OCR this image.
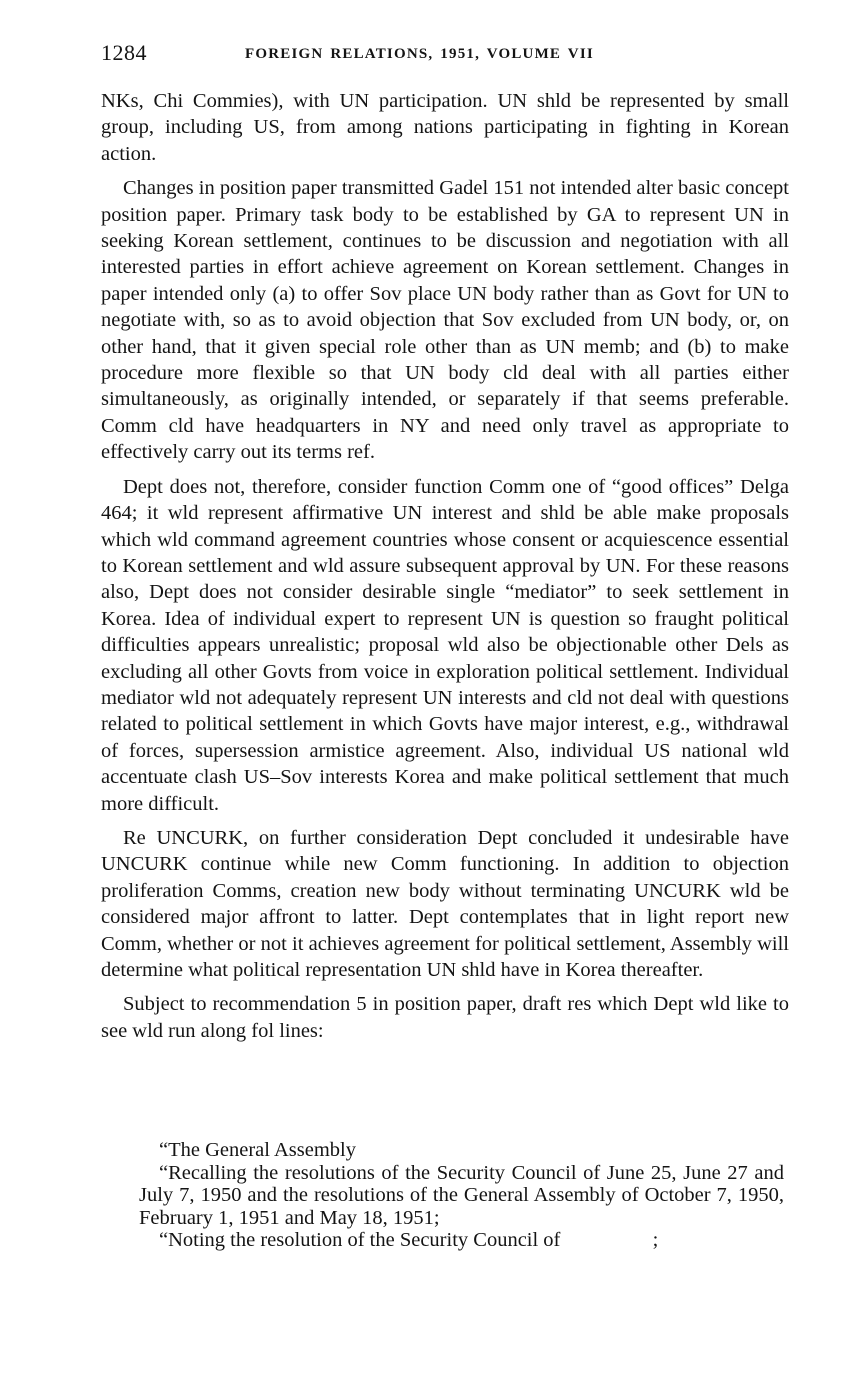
1284	FOREIGN RELATIONS, 1951, VOLUME VII

NKs, Chi Commies), with UN participation. UN shld be represented by small group, including US, from among nations participating in fighting in Korean action.

Changes in position paper transmitted Gadel 151 not intended alter basic concept position paper. Primary task body to be established by GA to represent UN in seeking Korean settlement, continues to be discussion and negotiation with all interested parties in effort achieve agreement on Korean settlement. Changes in paper intended only (a) to offer Sov place UN body rather than as Govt for UN to negotiate with, so as to avoid objection that Sov excluded from UN body, or, on other hand, that it given special role other than as UN memb; and (b) to make procedure more flexible so that UN body cld deal with all parties either simultaneously, as originally intended, or separately if that seems preferable. Comm cld have headquarters in NY and need only travel as appropriate to effectively carry out its terms ref.

Dept does not, therefore, consider function Comm one of “good offices” Delga 464; it wld represent affirmative UN interest and shld be able make proposals which wld command agreement countries whose consent or acquiescence essential to Korean settlement and wld assure subsequent approval by UN. For these reasons also, Dept does not consider desirable single “mediator” to seek settlement in Korea. Idea of individual expert to represent UN is question so fraught political difficulties appears unrealistic; proposal wld also be objectionable other Dels as excluding all other Govts from voice in exploration political settlement. Individual mediator wld not adequately represent UN interests and cld not deal with questions related to political settlement in which Govts have major interest, e.g., withdrawal of forces, supersession armistice agreement. Also, individual US national wld accentuate clash US–Sov interests Korea and make political settlement that much more difficult.

Re UNCURK, on further consideration Dept concluded it undesirable have UNCURK continue while new Comm functioning. In addition to objection proliferation Comms, creation new body without terminating UNCURK wld be considered major affront to latter. Dept contemplates that in light report new Comm, whether or not it achieves agreement for political settlement, Assembly will determine what political representation UN shld have in Korea thereafter.

Subject to recommendation 5 in position paper, draft res which Dept wld like to see wld run along fol lines:

“The General Assembly

“Recalling the resolutions of the Security Council of June 25, June 27 and July 7, 1950 and the resolutions of the General Assembly of October 7, 1950, February 1, 1951 and May 18, 1951;

“Noting the resolution of the Security Council of      ;
